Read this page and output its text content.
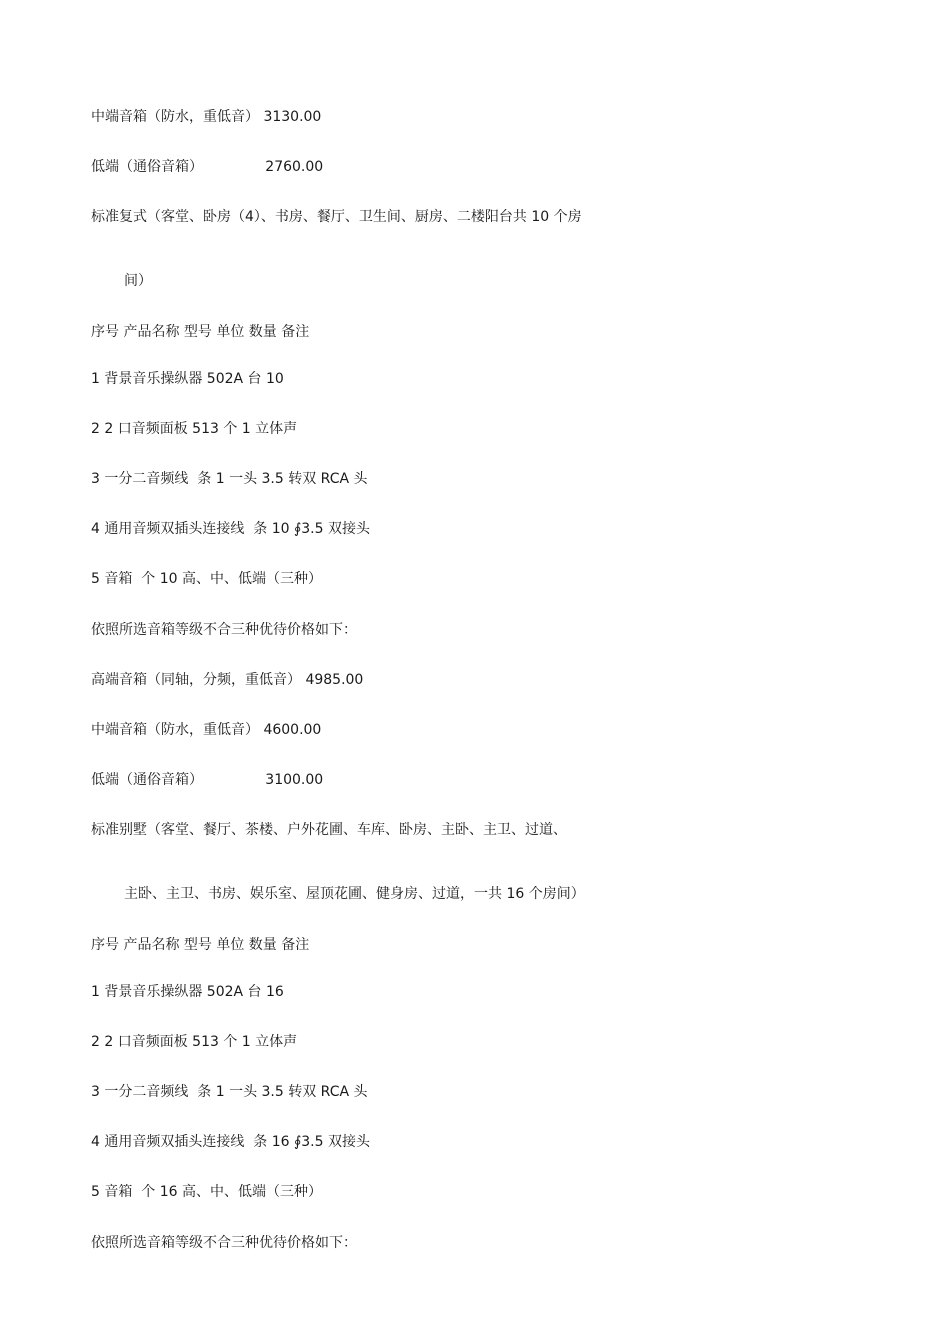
中端音箱（防水，重低音） 3130.00
低端（通俗音箱）              2760.00
标准复式（客堂、卧房（4）、书房、餐厅、卫生间、厨房、二楼阳台共 10 个房
间）
序号 产品名称 型号 单位 数量 备注
1 背景音乐操纵器 502A 台 10
2 2 口音频面板 513 个 1 立体声
3 一分二音频线  条 1 一头 3.5 转双 RCA 头
4 通用音频双插头连接线  条 10 ∮3.5 双接头
5 音箱  个 10 高、中、低端（三种）
依照所选音箱等级不合三种优待价格如下：
高端音箱（同轴，分频，重低音） 4985.00
中端音箱（防水，重低音） 4600.00
低端（通俗音箱）              3100.00
标准别墅（客堂、餐厅、茶楼、户外花圃、车库、卧房、主卧、主卫、过道、
主卧、主卫、书房、娱乐室、屋顶花圃、健身房、过道，一共 16 个房间）
序号 产品名称 型号 单位 数量 备注
1 背景音乐操纵器 502A 台 16
2 2 口音频面板 513 个 1 立体声
3 一分二音频线  条 1 一头 3.5 转双 RCA 头
4 通用音频双插头连接线  条 16 ∮3.5 双接头
5 音箱  个 16 高、中、低端（三种）
依照所选音箱等级不合三种优待价格如下：
